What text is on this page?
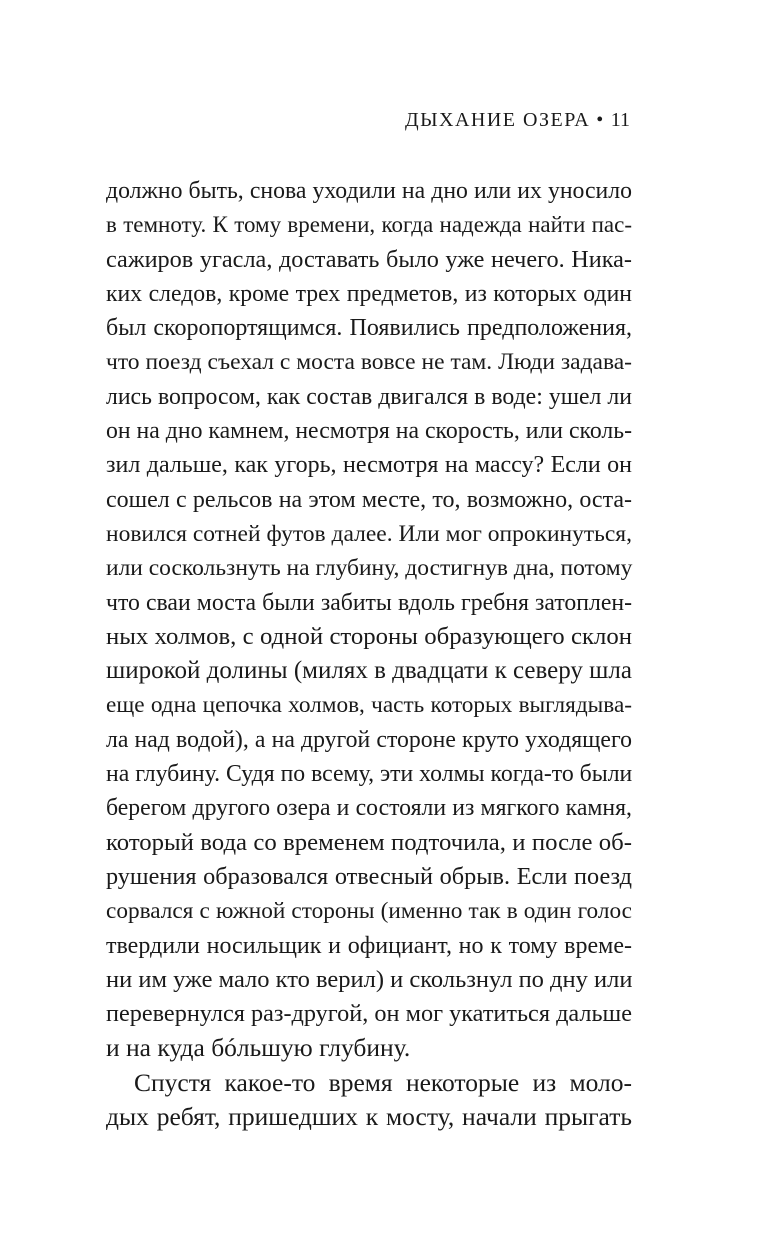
ДЫХАНИЕ ОЗЕРА • 11
должно быть, снова уходили на дно или их уносило
в темноту. К тому времени, когда надежда найти пас-
сажиров угасла, доставать было уже нечего. Ника-
ких следов, кроме трех предметов, из которых один
был скоропортящимся. Появились предположения,
что поезд съехал с моста вовсе не там. Люди задава-
лись вопросом, как состав двигался в воде: ушел ли
он на дно камнем, несмотря на скорость, или сколь-
зил дальше, как угорь, несмотря на массу? Если он
сошел с рельсов на этом месте, то, возможно, оста-
новился сотней футов далее. Или мог опрокинуться,
или соскользнуть на глубину, достигнув дна, потому
что сваи моста были забиты вдоль гребня затоплен-
ных холмов, с одной стороны образующего склон
широкой долины (милях в двадцати к северу шла
еще одна цепочка холмов, часть которых выглядыва-
ла над водой), а на другой стороне круто уходящего
на глубину. Судя по всему, эти холмы когда-то были
берегом другого озера и состояли из мягкого камня,
который вода со временем подточила, и после об-
рушения образовался отвесный обрыв. Если поезд
сорвался с южной стороны (именно так в один голос
твердили носильщик и официант, но к тому време-
ни им уже мало кто верил) и скользнул по дну или
перевернулся раз-другой, он мог укатиться дальше
и на куда бóльшую глубину.
Спустя какое-то время некоторые из моло-
дых ребят, пришедших к мосту, начали прыгать
